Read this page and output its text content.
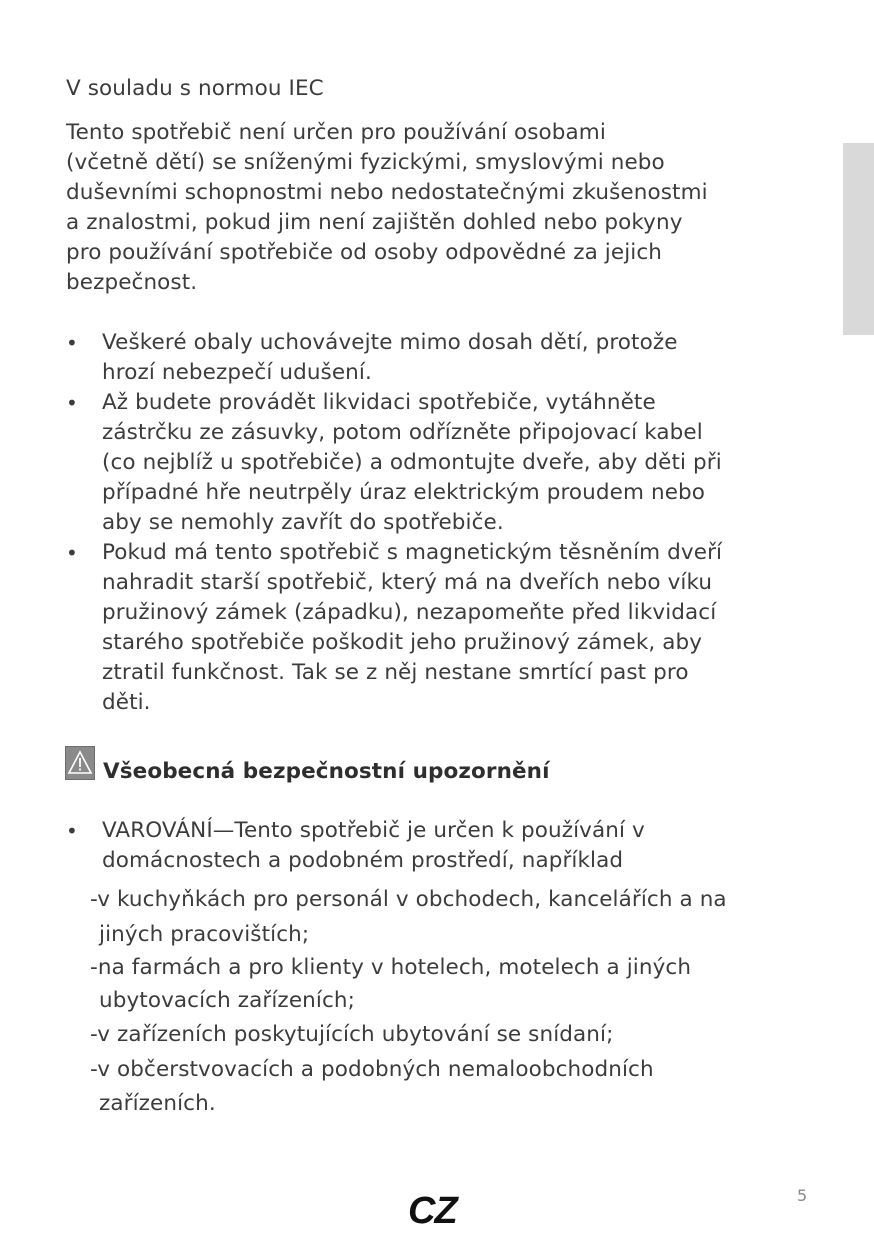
V souladu s normou IEC
Tento spotřebič není určen pro používání osobami
(včetně dětí) se sníženými fyzickými, smyslovými nebo
duševními schopnostmi nebo nedostatečnými zkušenostmi
a znalostmi, pokud jim není zajištěn dohled nebo pokyny
pro používání spotřebiče od osoby odpovědné za jejich
bezpečnost.
• Veškeré obaly uchovávejte mimo dosah dětí, protože
hrozí nebezpečí udušení.
• Až budete provádět likvidaci spotřebiče, vytáhněte
zástrčku ze zásuvky, potom odřízněte připojovací kabel
(co nejblíž u spotřebiče) a odmontujte dveře, aby děti při
případné hře neutrpěly úraz elektrickým proudem nebo
aby se nemohly zavřít do spotřebiče.
• Pokud má tento spotřebič s magnetickým těsněním dveří
nahradit starší spotřebič, který má na dveřích nebo víku
pružinový zámek (západku), nezapomeňte před likvidací
starého spotřebiče poškodit jeho pružinový zámek, aby
ztratil funkčnost. Tak se z něj nestane smrtící past pro
děti.
Všeobecná bezpečnostní upozornění
• VAROVÁNÍ—Tento spotřebič je určen k používání v
domácnostech a podobném prostředí, například
-v kuchyňkách pro personál v obchodech, kancelářích a na
jiných pracovištích;
-na farmách a pro klienty v hotelech, motelech a jiných
ubytovacích zařízeních;
-v zařízeních poskytujících ubytování se snídaní;
-v občerstvovacích a podobných nemaloobchodních
zařízeních.
5
CZ
